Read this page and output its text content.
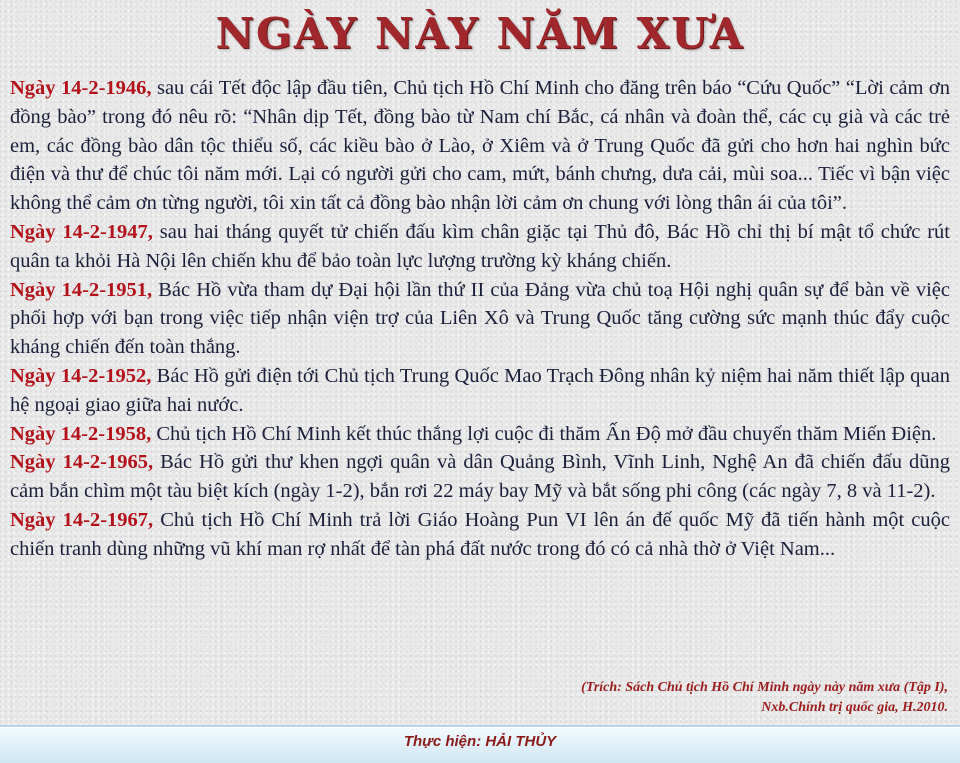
NGÀY NÀY NĂM XƯA

Ngày 14-2-1946, sau cái Tết độc lập đầu tiên, Chủ tịch Hồ Chí Minh cho đăng trên báo “Cứu Quốc” “Lời cảm ơn đồng bào” trong đó nêu rõ: “Nhân dịp Tết, đồng bào từ Nam chí Bắc, cá nhân và đoàn thể, các cụ già và các trẻ em, các đồng bào dân tộc thiểu số, các kiều bào ở Lào, ở Xiêm và ở Trung Quốc đã gửi cho hơn hai nghìn bức điện và thư để chúc tôi năm mới. Lại có người gửi cho cam, mứt, bánh chưng, dưa cải, mùi soa... Tiếc vì bận việc không thể cảm ơn từng người, tôi xin tất cả đồng bào nhận lời cảm ơn chung với lòng thân ái của tôi”.

Ngày 14-2-1947, sau hai tháng quyết tử chiến đấu kìm chân giặc tại Thủ đô, Bác Hồ chỉ thị bí mật tổ chức rút quân ta khỏi Hà Nội lên chiến khu để bảo toàn lực lượng trường kỳ kháng chiến.

Ngày 14-2-1951, Bác Hồ vừa tham dự Đại hội lần thứ II của Đảng vừa chủ toạ Hội nghị quân sự để bàn về việc phối hợp với bạn trong việc tiếp nhận viện trợ của Liên Xô và Trung Quốc tăng cường sức mạnh thúc đẩy cuộc kháng chiến đến toàn thắng.

Ngày 14-2-1952, Bác Hồ gửi điện tới Chủ tịch Trung Quốc Mao Trạch Đông nhân kỷ niệm hai năm thiết lập quan hệ ngoại giao giữa hai nước.

Ngày 14-2-1958, Chủ tịch Hồ Chí Minh kết thúc thắng lợi cuộc đi thăm Ấn Độ mở đầu chuyến thăm Miến Điện.

Ngày 14-2-1965, Bác Hồ gửi thư khen ngợi quân và dân Quảng Bình, Vĩnh Linh, Nghệ An đã chiến đấu dũng cảm bắn chìm một tàu biệt kích (ngày 1-2), bắn rơi 22 máy bay Mỹ và bắt sống phi công (các ngày 7, 8 và 11-2).

Ngày 14-2-1967, Chủ tịch Hồ Chí Minh trả lời Giáo Hoàng Pun VI lên án đế quốc Mỹ đã tiến hành một cuộc chiến tranh dùng những vũ khí man rợ nhất để tàn phá đất nước trong đó có cả nhà thờ ở Việt Nam...

(Trích: Sách Chủ tịch Hồ Chí Minh ngày này năm xưa (Tập I),
Nxb.Chính trị quốc gia, H.2010.

Thực hiện: HẢI THỦY
